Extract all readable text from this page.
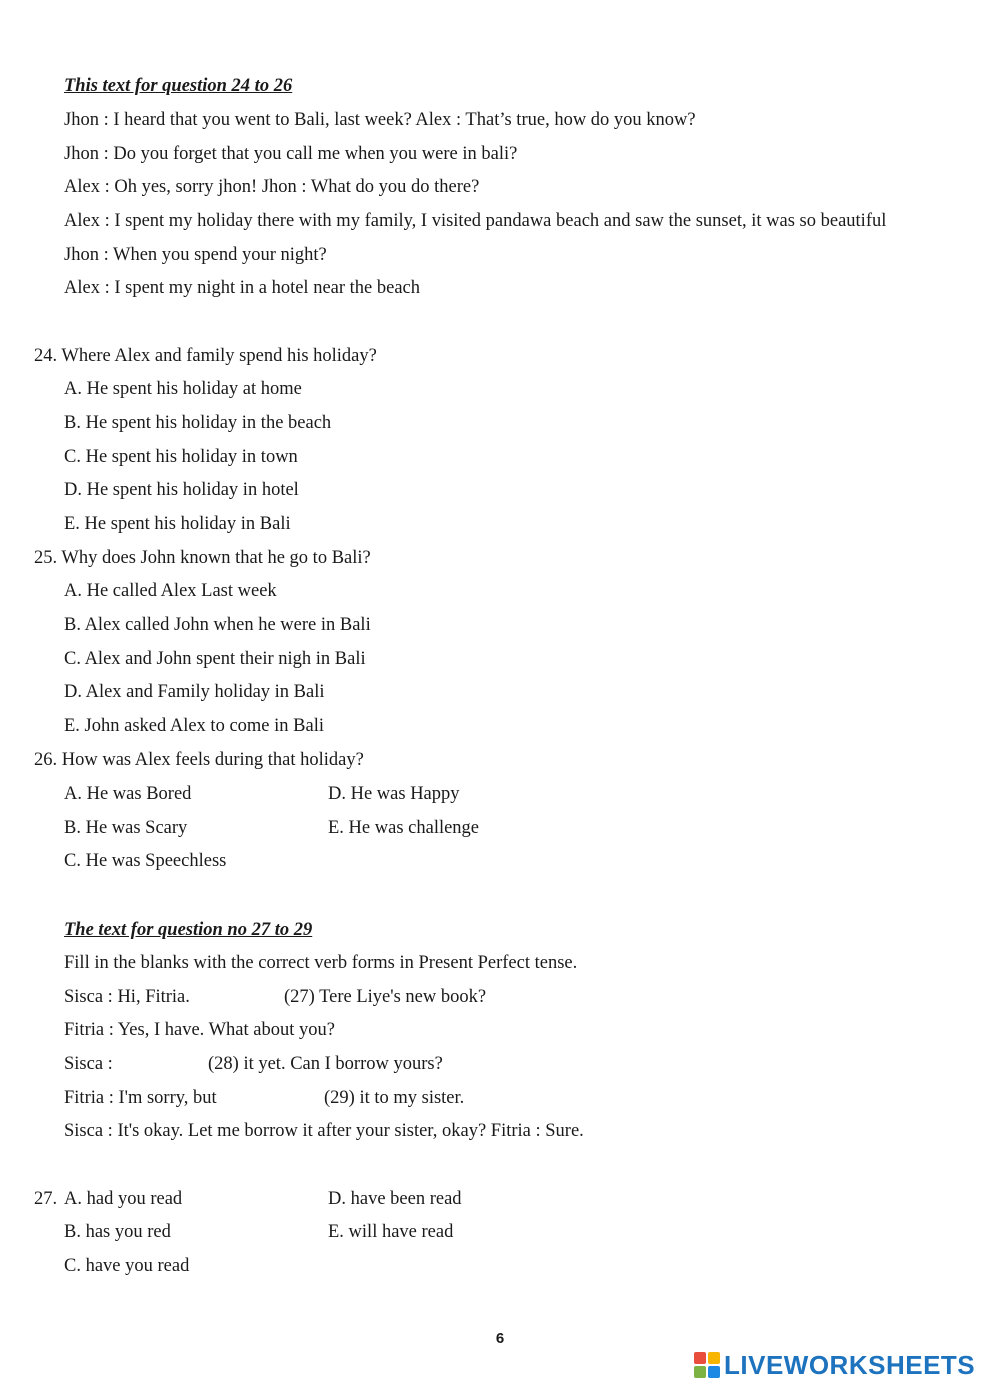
This text for question 24 to 26
Jhon : I heard that you went to Bali, last week? Alex : That’s true, how do you know?
Jhon : Do you forget that you call me when you were in bali?
Alex : Oh yes, sorry jhon! Jhon : What do you do there?
Alex : I spent my holiday there with my family, I visited pandawa beach and saw the sunset, it was so beautiful
Jhon : When you spend your night?
Alex : I spent my night in a hotel near the beach
24. Where Alex and family spend his holiday?
A. He spent his holiday at home
B. He spent his holiday in the beach
C. He spent his holiday in town
D. He spent his holiday in hotel
E. He spent his holiday in Bali
25. Why does John known that he go to Bali?
A. He called Alex Last week
B. Alex called John when he were in Bali
C. Alex and John spent their nigh in Bali
D. Alex and Family holiday in Bali
E. John asked Alex to come in Bali
26. How was Alex feels during that holiday?
A. He was Bored	D. He was Happy
B. He was Scary	E. He was challenge
C. He was Speechless
The text for question no 27 to 29
Fill in the blanks with the correct verb forms in Present Perfect tense.
Sisca : Hi, Fitria.	(27) Tere Liye's new book?
Fitria : Yes, I have. What about you?
Sisca :	(28) it yet. Can I borrow yours?
Fitria : I'm sorry, but	(29) it to my sister.
Sisca : It's okay. Let me borrow it after your sister, okay? Fitria : Sure.
27. A. had you read	D. have been read
B. has you red	E. will have read
C. have you read
6
LIVEWORKSHEETS
